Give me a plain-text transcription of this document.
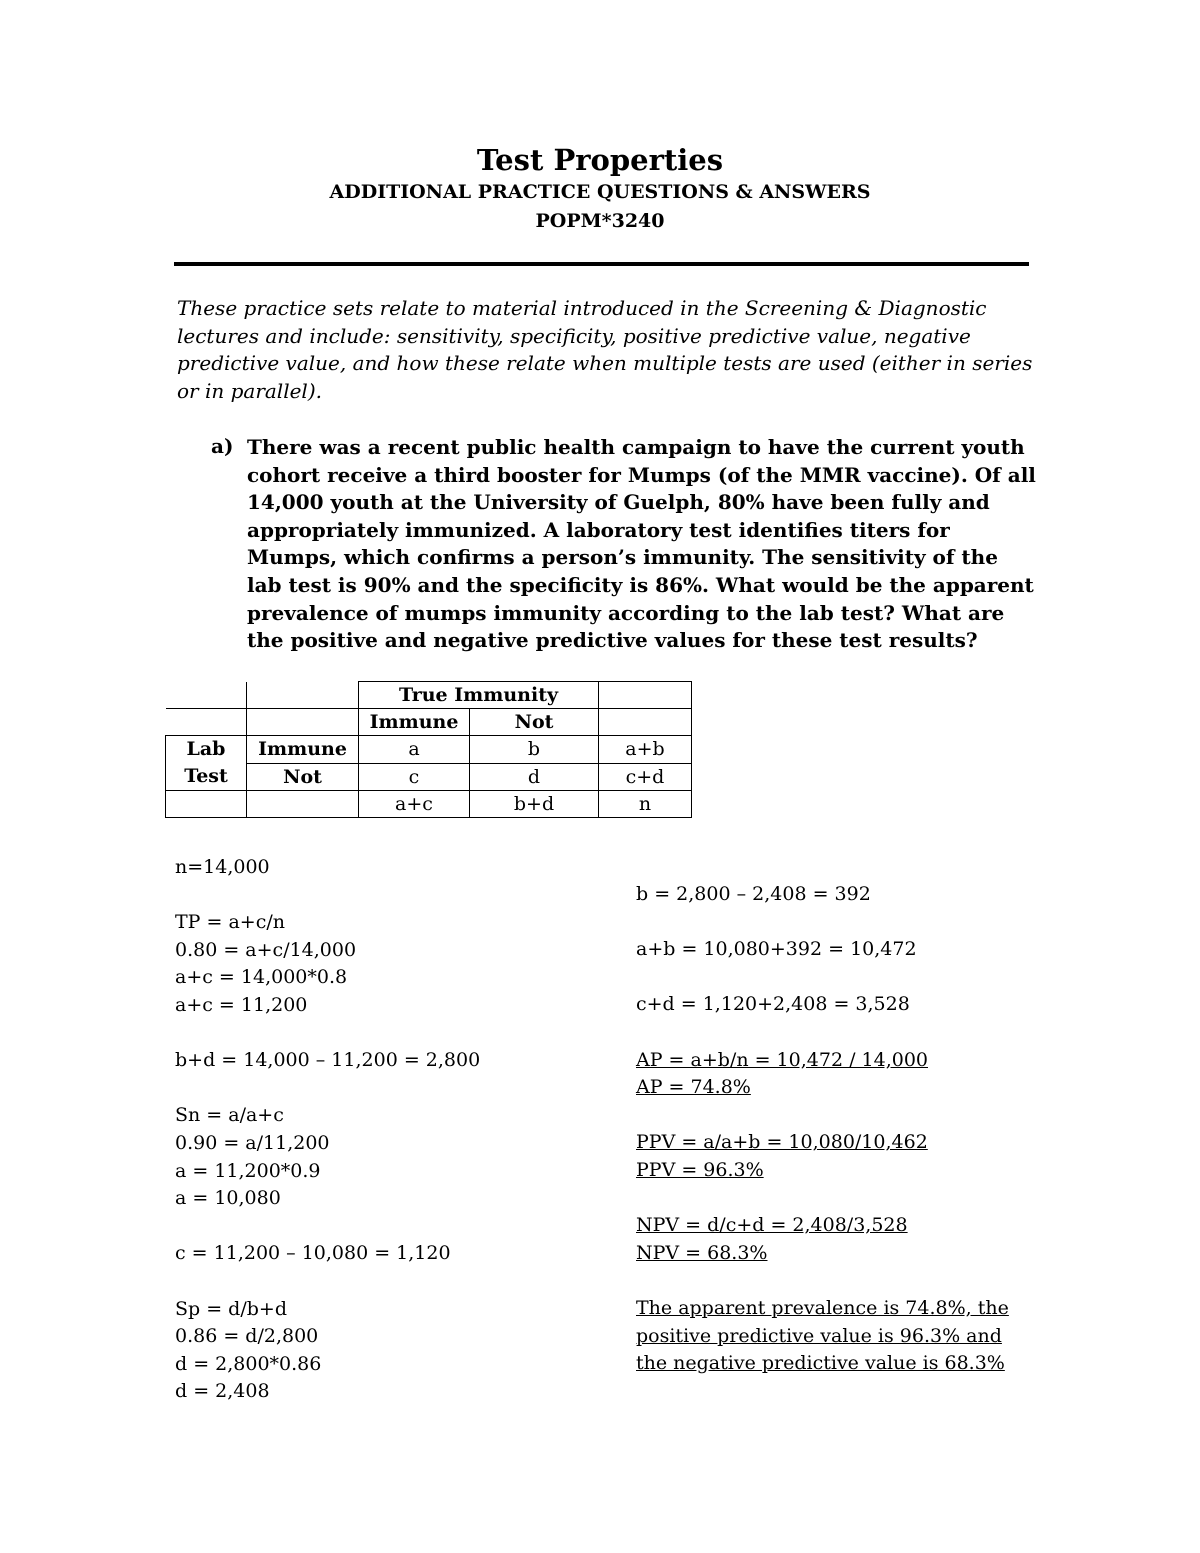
Test Properties
ADDITIONAL PRACTICE QUESTIONS & ANSWERS
POPM*3240
These practice sets relate to material introduced in the Screening & Diagnostic lectures and include: sensitivity, specificity, positive predictive value, negative predictive value, and how these relate when multiple tests are used (either in series or in parallel).
a) There was a recent public health campaign to have the current youth cohort receive a third booster for Mumps (of the MMR vaccine). Of all 14,000 youth at the University of Guelph, 80% have been fully and appropriately immunized. A laboratory test identifies titers for Mumps, which confirms a person’s immunity. The sensitivity of the lab test is 90% and the specificity is 86%. What would be the apparent prevalence of mumps immunity according to the lab test? What are the positive and negative predictive values for these test results?
		True Immunity		
		Immune	Not	
Lab Test	Immune	a	b	a+b
	Not	c	d	c+d
		a+c	b+d	n
n=14,000
TP = a+c/n
0.80 = a+c/14,000
a+c = 14,000*0.8
a+c = 11,200
b+d = 14,000 – 11,200 = 2,800
Sn = a/a+c
0.90 = a/11,200
a = 11,200*0.9
a = 10,080
c = 11,200 – 10,080 = 1,120
Sp = d/b+d
0.86 = d/2,800
d = 2,800*0.86
d = 2,408
b = 2,800 – 2,408 = 392
a+b = 10,080+392 = 10,472
c+d = 1,120+2,408 = 3,528
AP = a+b/n = 10,472 / 14,000
AP = 74.8%
PPV = a/a+b = 10,080/10,462
PPV = 96.3%
NPV = d/c+d = 2,408/3,528
NPV = 68.3%
The apparent prevalence is 74.8%, the
positive predictive value is 96.3% and
the negative predictive value is 68.3%
